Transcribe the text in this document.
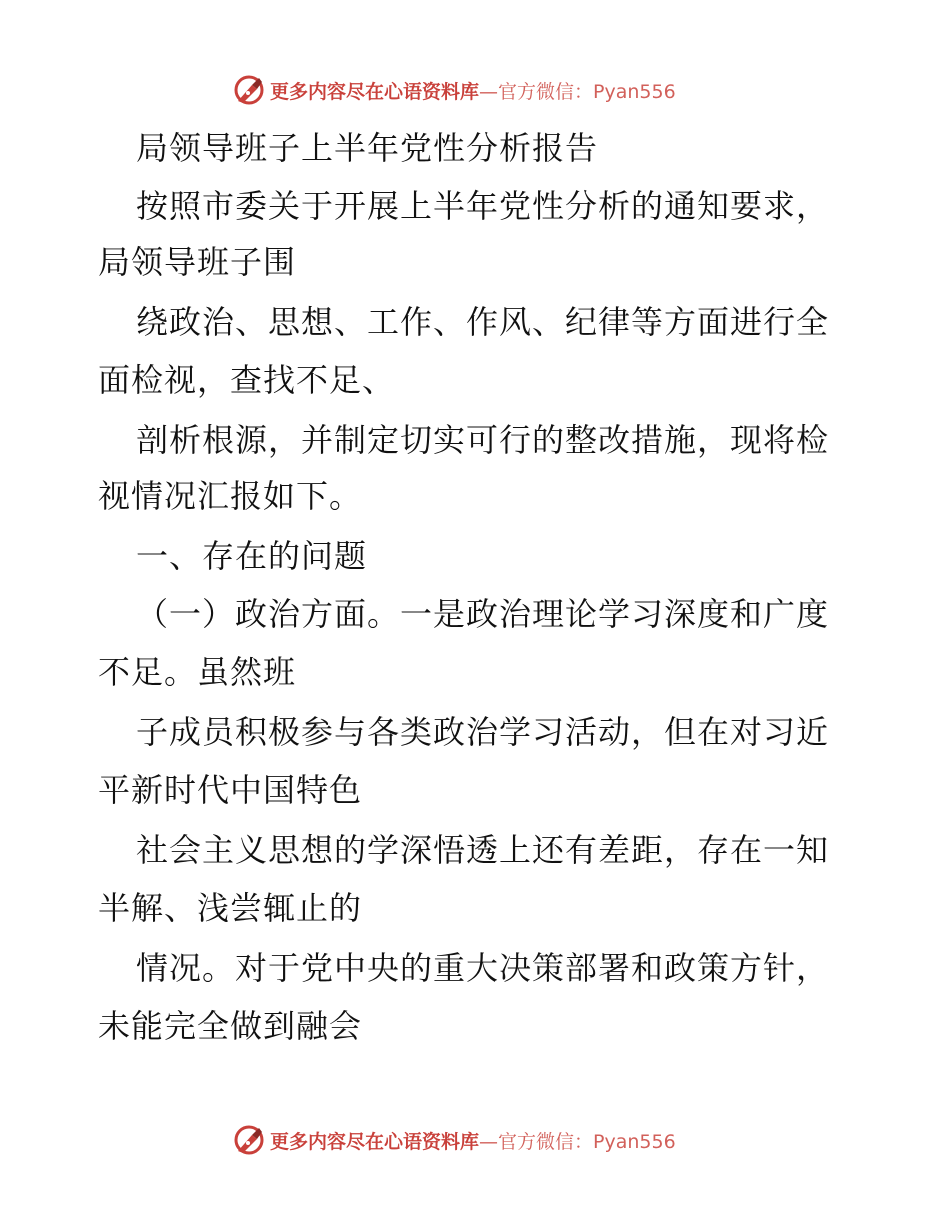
更多内容尽在心语资料库 —官方微信：Pyan556
局领导班子上半年党性分析报告
按照市委关于开展上半年党性分析的通知要求，
局领导班子围
绕政治、思想、工作、作风、纪律等方面进行全
面检视，查找不足、
剖析根源，并制定切实可行的整改措施，现将检
视情况汇报如下。
一、存在的问题
（一）政治方面。一是政治理论学习深度和广度
不足。虽然班
子成员积极参与各类政治学习活动，但在对习近
平新时代中国特色
社会主义思想的学深悟透上还有差距，存在一知
半解、浅尝辄止的
情况。对于党中央的重大决策部署和政策方针，
未能完全做到融会
更多内容尽在心语资料库 —官方微信：Pyan556
